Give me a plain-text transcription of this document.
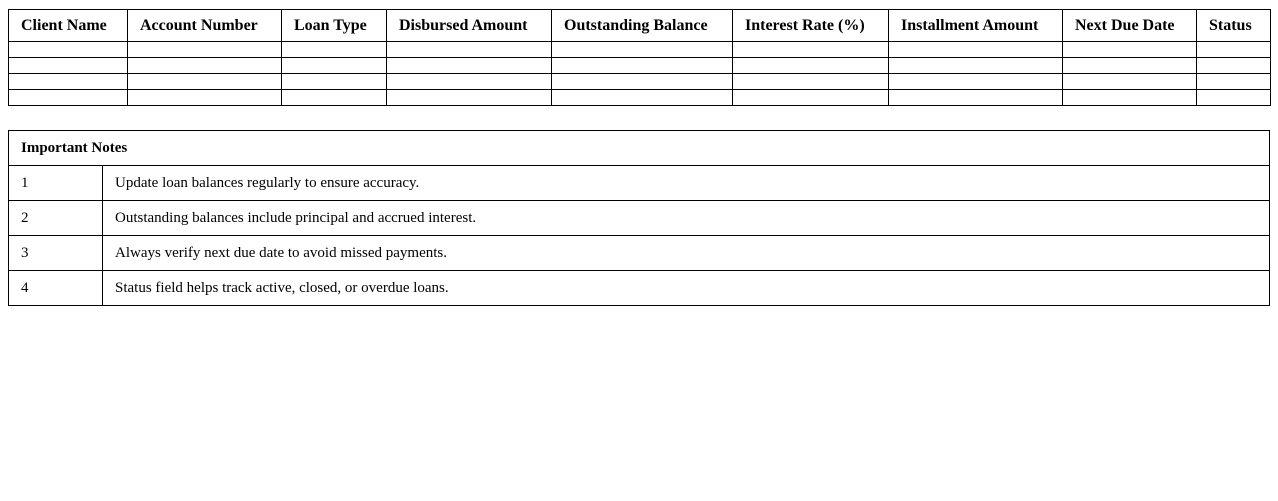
Client Name	Account Number	Loan Type	Disbursed Amount	Outstanding Balance	Interest Rate (%)	Installment Amount	Next Due Date	Status

Important Notes	
1	Update loan balances regularly to ensure accuracy.
2	Outstanding balances include principal and accrued interest.
3	Always verify next due date to avoid missed payments.
4	Status field helps track active, closed, or overdue loans.
